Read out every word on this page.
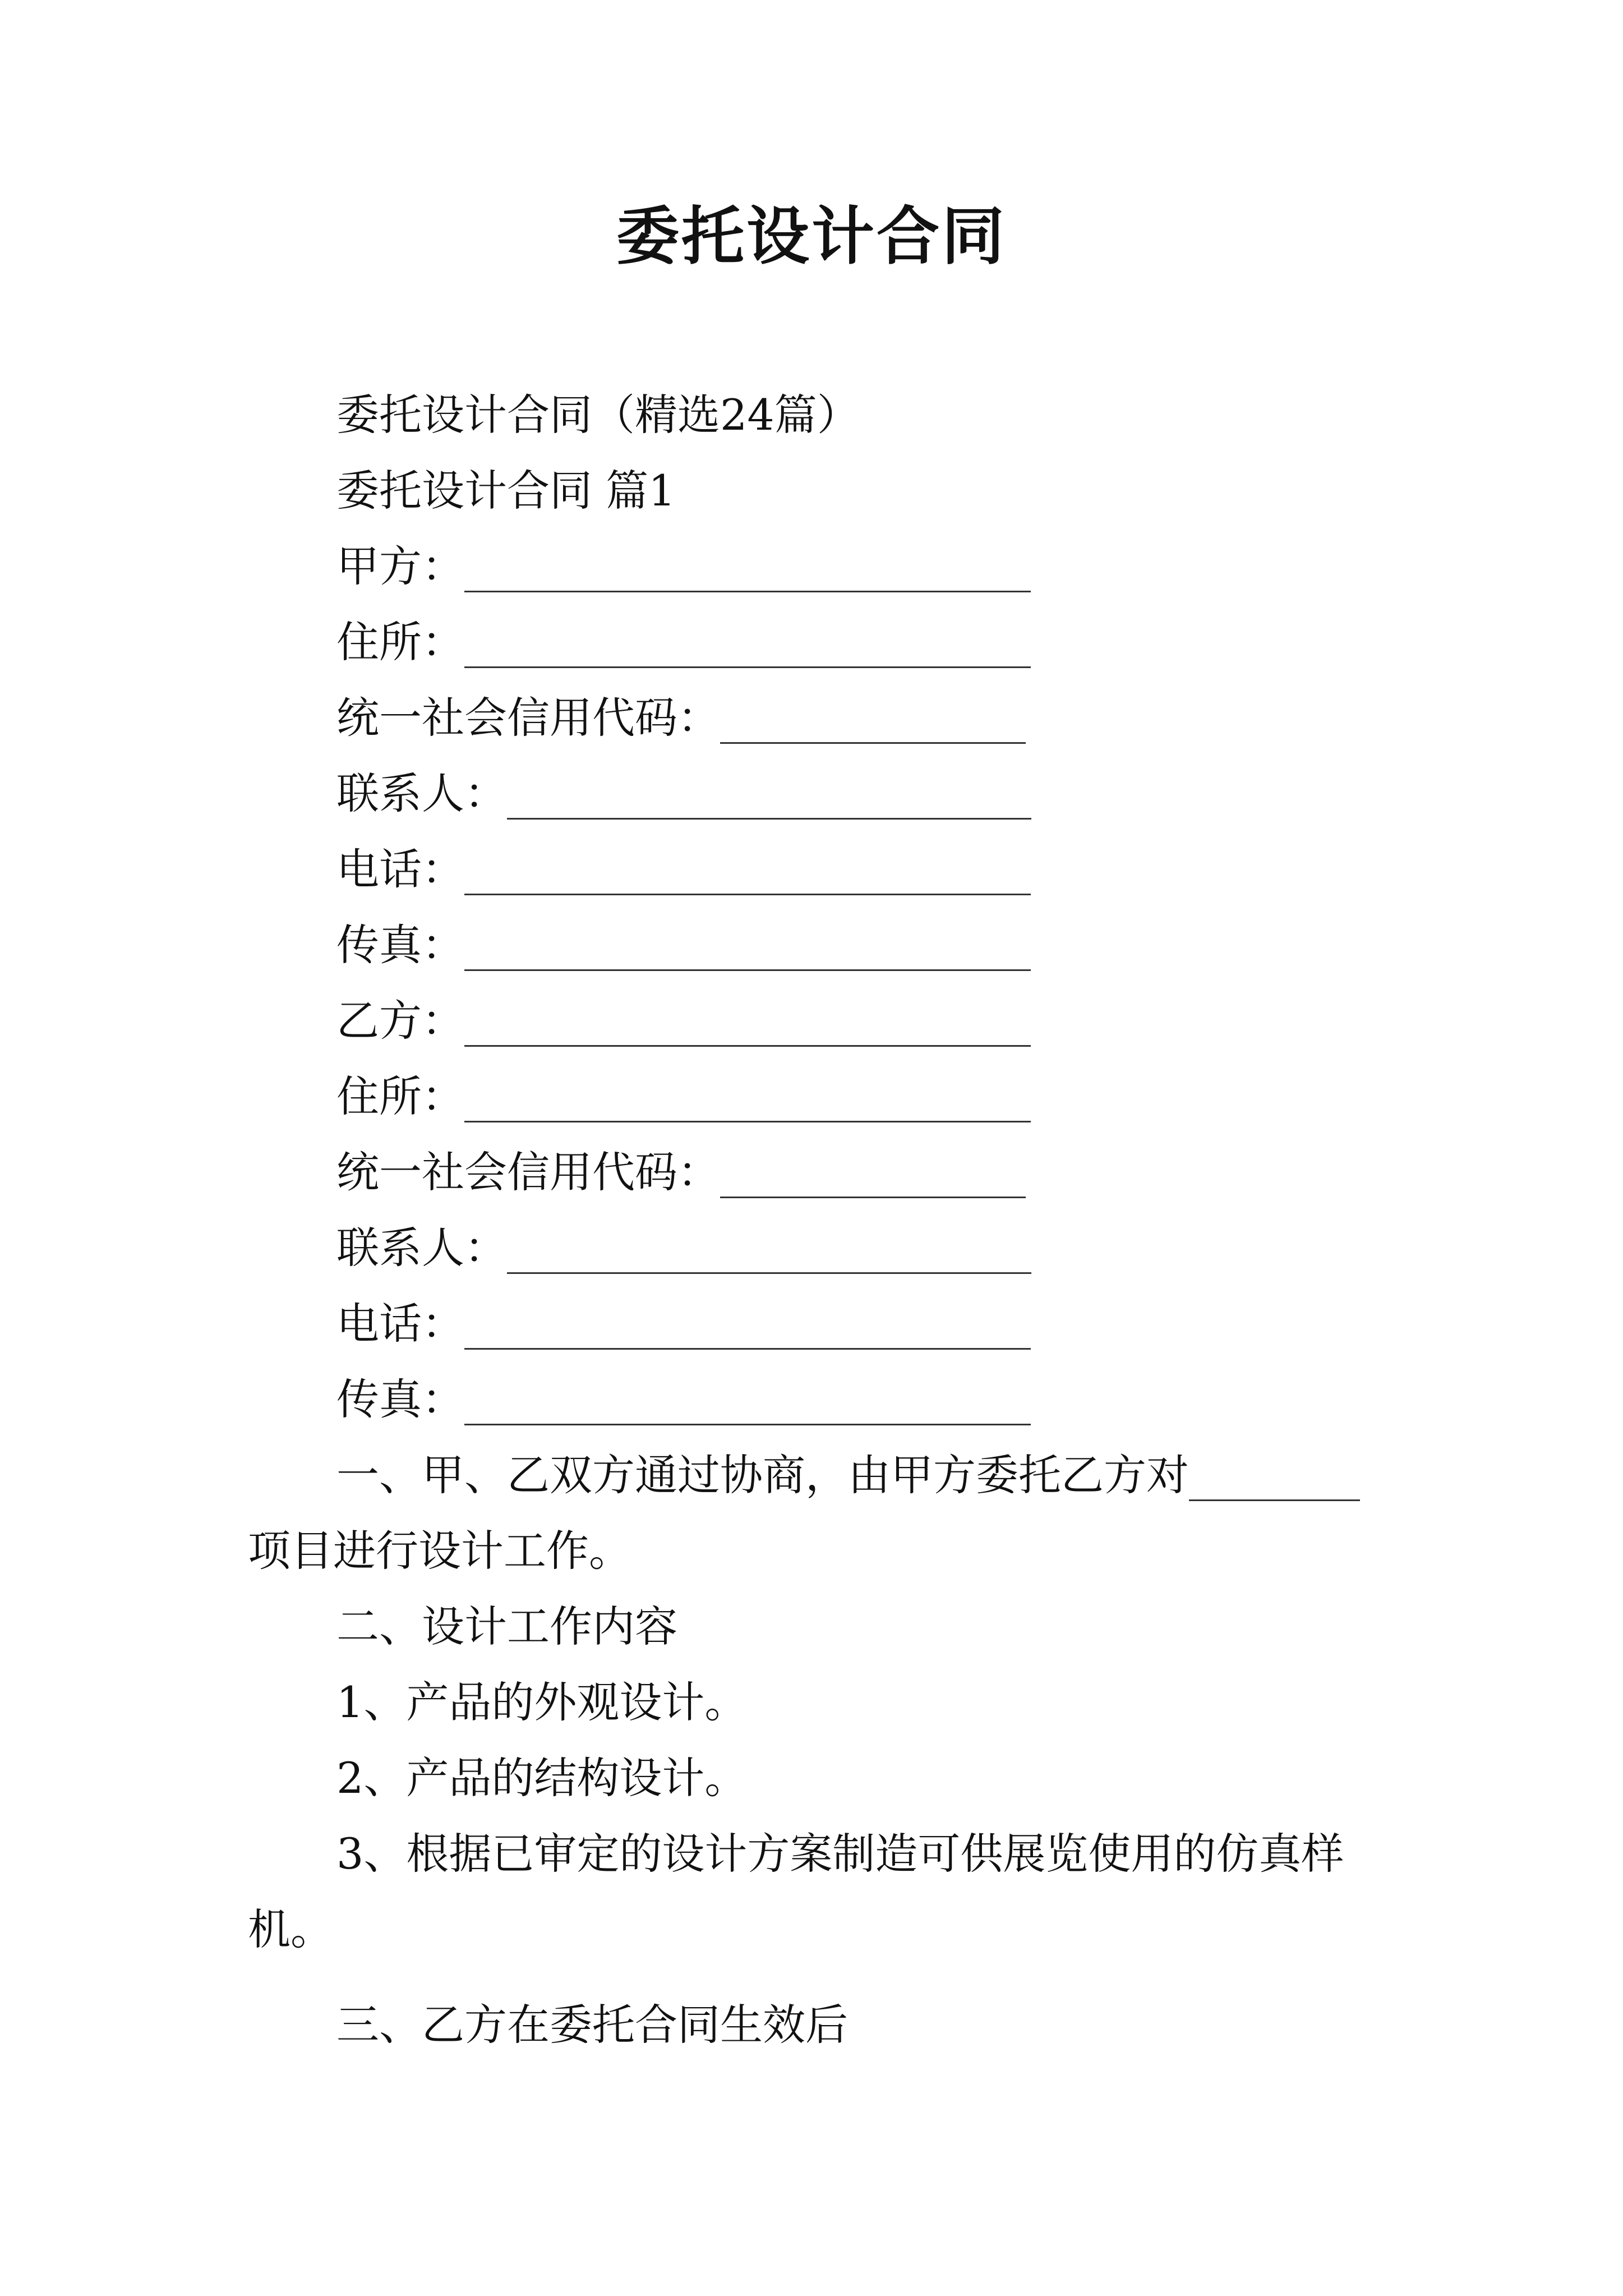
委托设计合同
委托设计合同（精选24篇）
委托设计合同 篇1
甲方：
住所：
统一社会信用代码：
联系人：
电话：
传真：
乙方：
住所：
统一社会信用代码：
联系人：
电话：
传真：
一、甲、乙双方通过协商，由甲方委托乙方对
项目进行设计工作。
二、设计工作内容
1、产品的外观设计。
2、产品的结构设计。
3、根据已审定的设计方案制造可供展览使用的仿真样
机。
三、乙方在委托合同生效后
